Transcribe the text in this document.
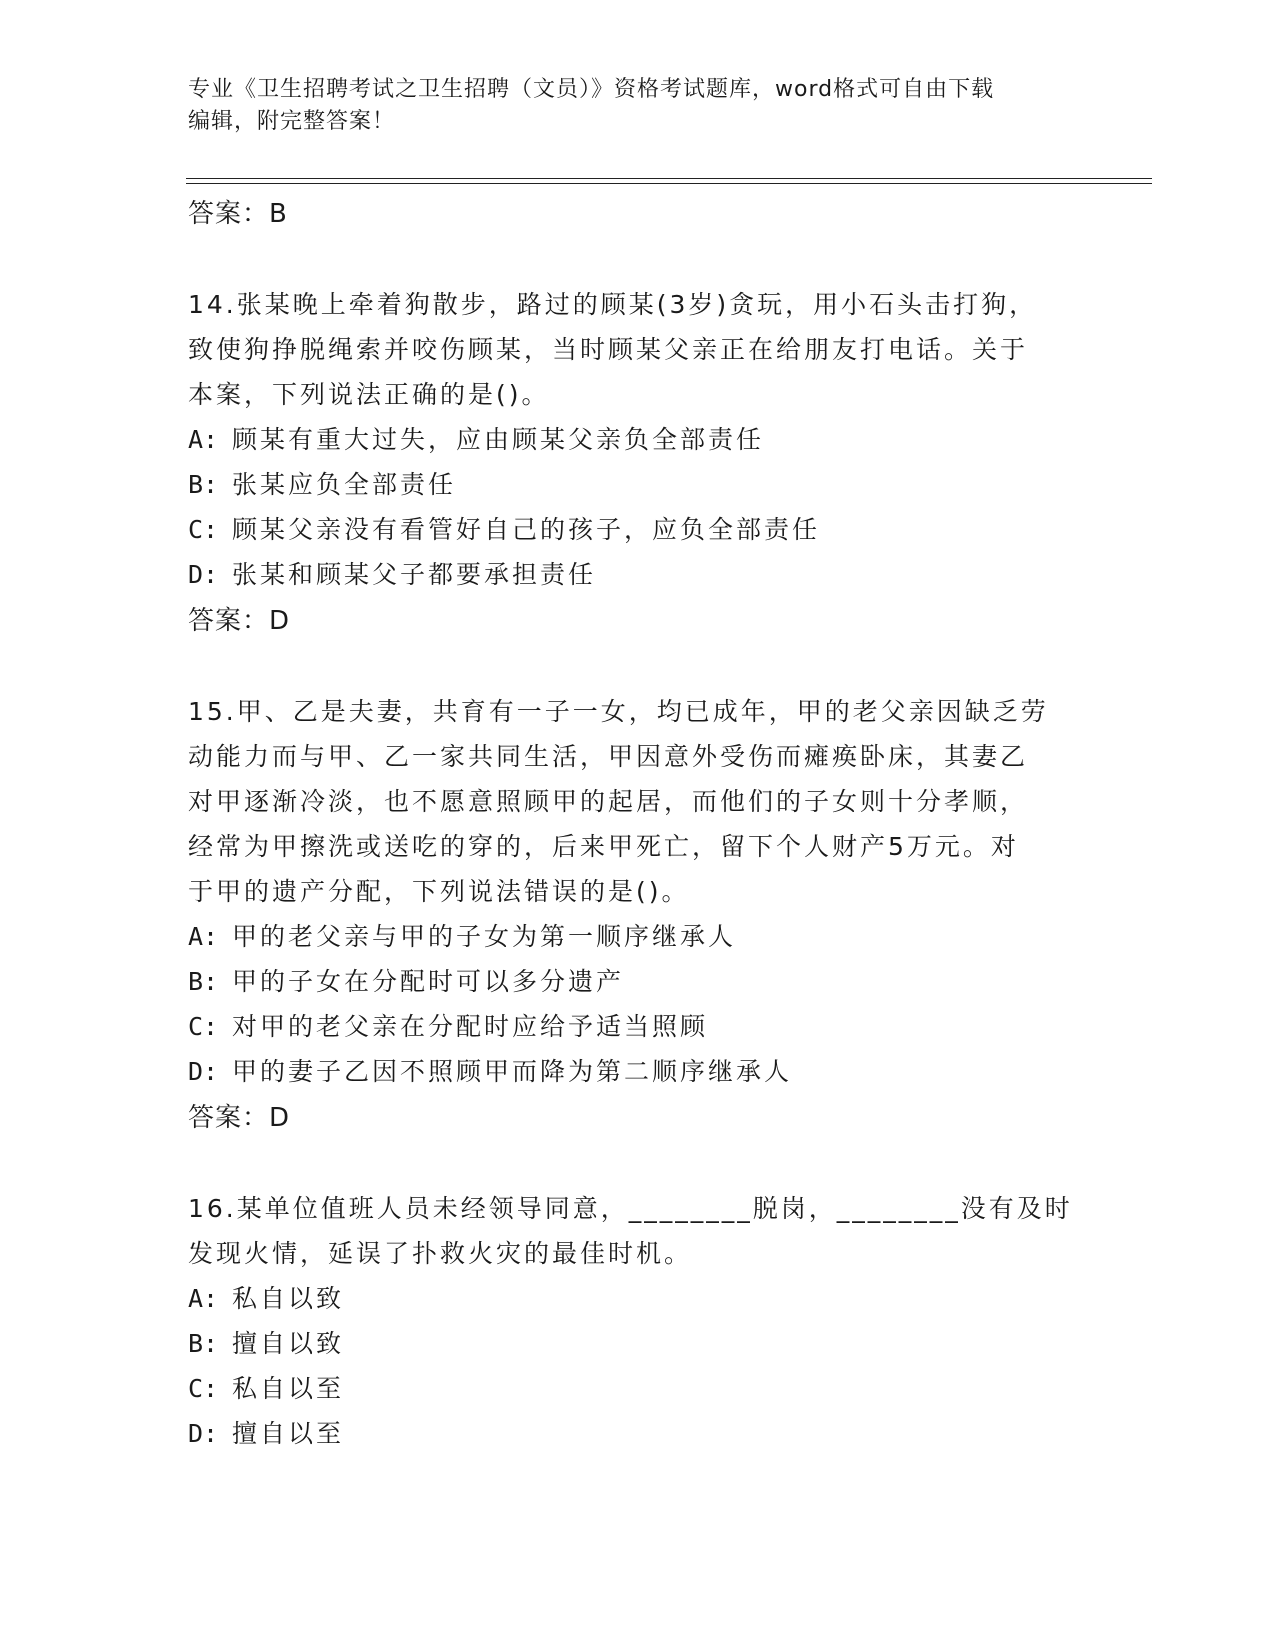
专业《卫生招聘考试之卫生招聘（文员）》资格考试题库，word格式可自由下载
编辑，附完整答案！
答案：B
14.张某晚上牵着狗散步，路过的顾某(3岁)贪玩，用小石头击打狗，
致使狗挣脱绳索并咬伤顾某，当时顾某父亲正在给朋友打电话。关于
本案，下列说法正确的是()。
A: 顾某有重大过失，应由顾某父亲负全部责任
B: 张某应负全部责任
C: 顾某父亲没有看管好自己的孩子，应负全部责任
D: 张某和顾某父子都要承担责任
答案：D
15.甲、乙是夫妻，共育有一子一女，均已成年，甲的老父亲因缺乏劳
动能力而与甲、乙一家共同生活，甲因意外受伤而瘫痪卧床，其妻乙
对甲逐渐冷淡，也不愿意照顾甲的起居，而他们的子女则十分孝顺，
经常为甲擦洗或送吃的穿的，后来甲死亡，留下个人财产5万元。对
于甲的遗产分配，下列说法错误的是()。
A: 甲的老父亲与甲的子女为第一顺序继承人
B: 甲的子女在分配时可以多分遗产
C: 对甲的老父亲在分配时应给予适当照顾
D: 甲的妻子乙因不照顾甲而降为第二顺序继承人
答案：D
16.某单位值班人员未经领导同意，________脱岗，________没有及时
发现火情，延误了扑救火灾的最佳时机。
A: 私自以致
B: 擅自以致
C: 私自以至
D: 擅自以至
